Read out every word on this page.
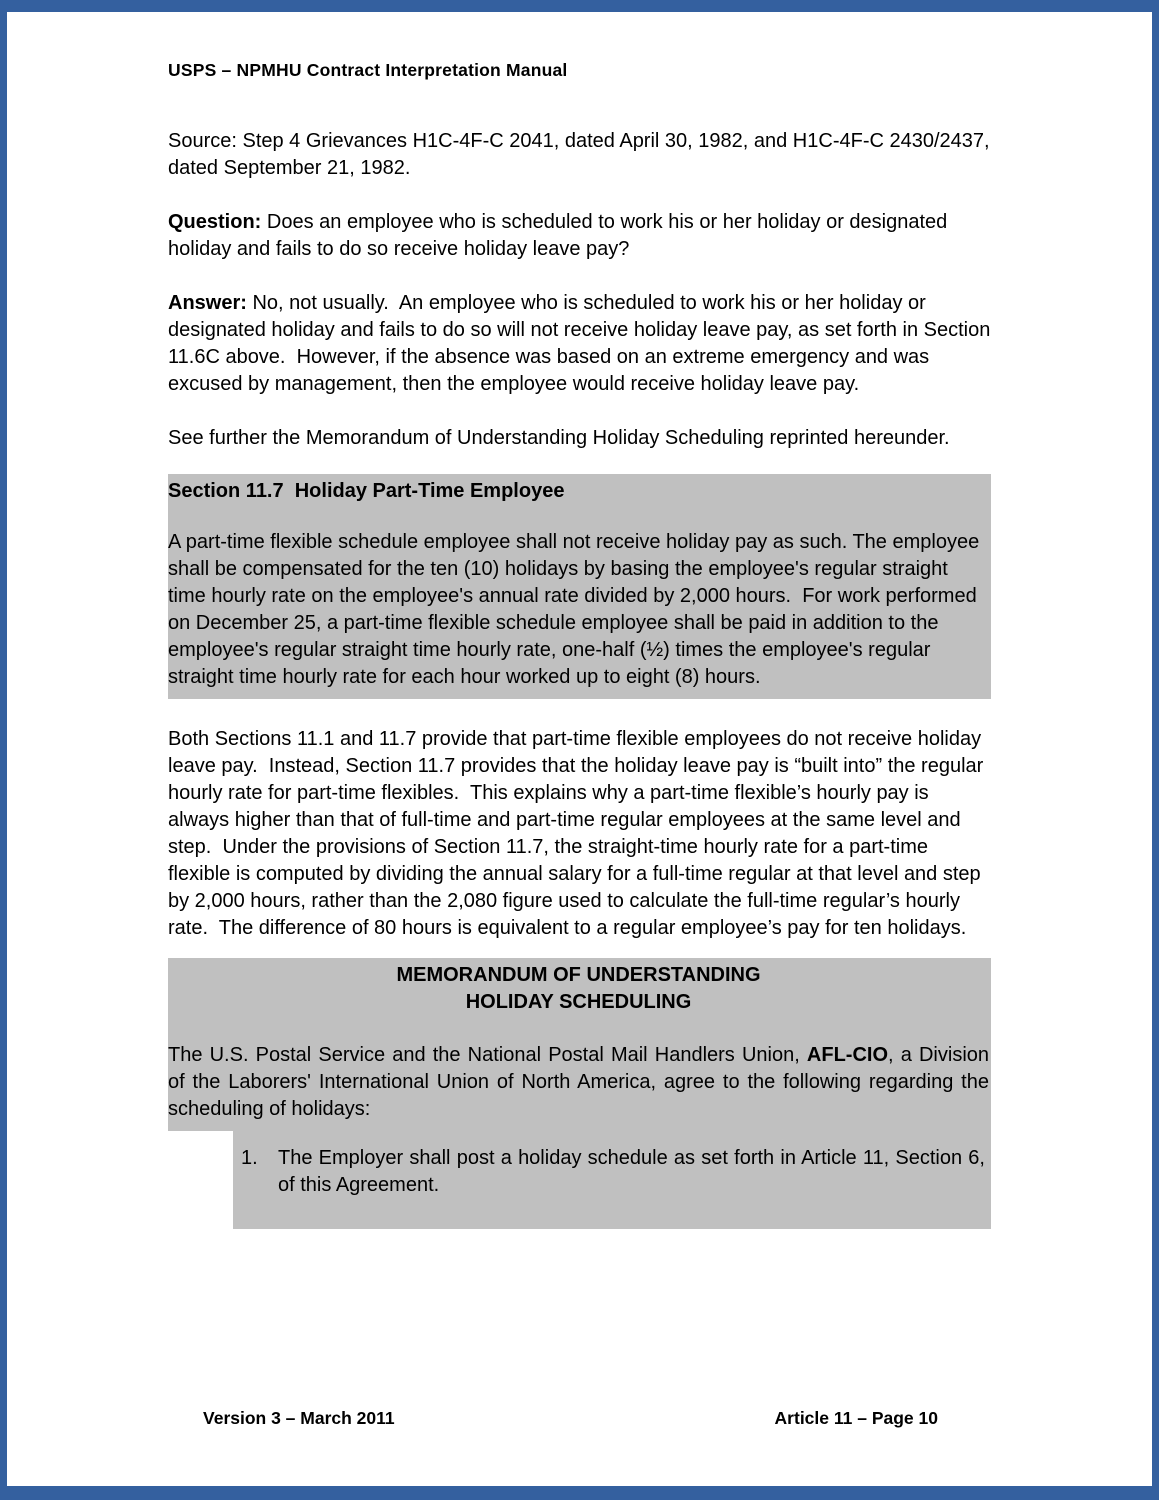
USPS – NPMHU Contract Interpretation Manual

Source: Step 4 Grievances H1C-4F-C 2041, dated April 30, 1982, and H1C-4F-C 2430/2437, dated September 21, 1982.

Question: Does an employee who is scheduled to work his or her holiday or designated holiday and fails to do so receive holiday leave pay?

Answer: No, not usually.  An employee who is scheduled to work his or her holiday or designated holiday and fails to do so will not receive holiday leave pay, as set forth in Section 11.6C above.  However, if the absence was based on an extreme emergency and was excused by management, then the employee would receive holiday leave pay.

See further the Memorandum of Understanding Holiday Scheduling reprinted hereunder.

Section 11.7  Holiday Part-Time Employee

A part-time flexible schedule employee shall not receive holiday pay as such. The employee shall be compensated for the ten (10) holidays by basing the employee's regular straight time hourly rate on the employee's annual rate divided by 2,000 hours.  For work performed on December 25, a part-time flexible schedule employee shall be paid in addition to the employee's regular straight time hourly rate, one-half (½) times the employee's regular straight time hourly rate for each hour worked up to eight (8) hours.

Both Sections 11.1 and 11.7 provide that part-time flexible employees do not receive holiday leave pay.  Instead, Section 11.7 provides that the holiday leave pay is “built into” the regular hourly rate for part-time flexibles.  This explains why a part-time flexible’s hourly pay is always higher than that of full-time and part-time regular employees at the same level and step.  Under the provisions of Section 11.7, the straight-time hourly rate for a part-time flexible is computed by dividing the annual salary for a full-time regular at that level and step by 2,000 hours, rather than the 2,080 figure used to calculate the full-time regular’s hourly rate.  The difference of 80 hours is equivalent to a regular employee’s pay for ten holidays.

MEMORANDUM OF UNDERSTANDING
HOLIDAY SCHEDULING

The U.S. Postal Service and the National Postal Mail Handlers Union, AFL-CIO, a Division of the Laborers' International Union of North America, agree to the following regarding the scheduling of holidays:

1.	The Employer shall post a holiday schedule as set forth in Article 11, Section 6, of this Agreement.
Version 3 – March 2011	Article 11 – Page 10
